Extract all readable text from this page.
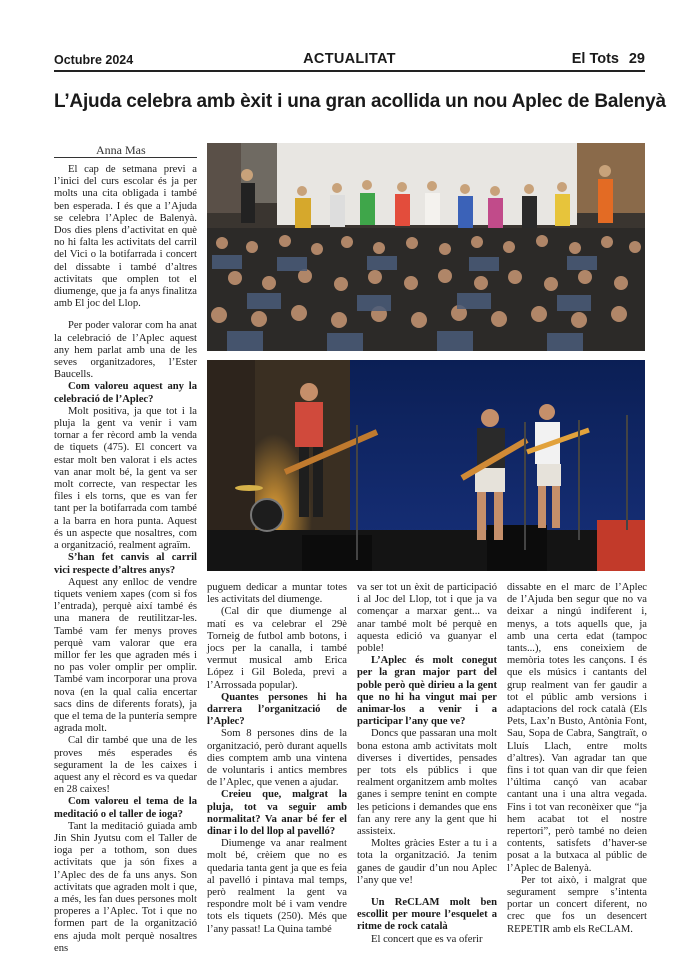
Octubre 2024	ACTUALITAT	El Tots 29
L’Ajuda celebra amb èxit i una gran acollida un nou Aplec de Balenyà
Anna Mas

El cap de setmana previ a l’inici del curs escolar és ja per molts una cita obligada i també ben esperada. I és que a l’Ajuda se celebra l’Aplec de Balenyà. Dos dies plens d’activitat en què no hi falta les activitats del carril del Vici o la botifarrada i concert del dissabte i també d’altres activitats que omplen tot el diumenge, que ja fa anys finalitza amb El joc del Llop.

Per poder valorar com ha anat la celebració de l’Aplec aquest any hem parlat amb una de les seves organitzadores, l’Ester Baucells.

Com valoreu aquest any la celebració de l’Aplec?

Molt positiva, ja que tot i la pluja la gent va venir i vam tornar a fer rècord amb la venda de tiquets (475). El concert va estar molt ben valorat i els actes van anar molt bé, la gent va ser molt correcte, van respectar les files i els torns, que es van fer tant per la botifarrada com també a la barra en hora punta. Aquest és un aspecte que nosaltres, com a organització, realment agraïm.

S’han fet canvis al carril vici respecte d’altres anys?

Aquest any enlloc de vendre tiquets veniem xapes (com si fos l’entrada), perquè així també és una manera de reutilitzar-les. També vam fer menys proves perquè vam valorar que era millor fer les que agraden més i no pas voler omplir per omplir. També vam incorporar una prova nova (en la qual calia encertar sacs dins de diferents forats), ja que el tema de la puntería sempre agrada molt.

Cal dir també que una de les proves més esperades és segurament la de les caixes i aquest any el rècord es va quedar en 28 caixes!

Com valoreu el tema de la meditació o el taller de ioga?

Tant la meditació guiada amb Jin Shin Jyutsu com el Taller de ioga per a tothom, son dues activitats que ja són fixes a l’Aplec des de fa uns anys. Son activitats que agraden molt i que, a més, les fan dues persones molt properes a l’Aplec. Tot i que no formen part de la organització ens ajuda molt perquè nosaltres ens

puguem dedicar a muntar totes les activitats del diumenge.

(Cal dir que diumenge al matí es va celebrar el 29è Torneig de futbol amb botons, i jocs per la canalla, i també vermut musical amb Erica López i Gil Boleda, previ a l’Arrossada popular).

Quantes persones hi ha darrera l’organització de l’Aplec?

Som 8 persones dins de la organització, però durant aquells dies comptem amb una vintena de voluntaris i antics membres de l’Aplec, que venen a ajudar.

Creieu que, malgrat la pluja, tot va seguir amb normalitat? Va anar bé fer el dinar i lo del llop al pavelló?

Diumenge va anar realment molt bé, crèiem que no es quedaria tanta gent ja que es feia al pavelló i pintava mal temps, però realment la gent va respondre molt bé i vam vendre tots els tiquets (250). Més que l’any passat! La Quina també

va ser tot un èxit de participació i al Joc del Llop, tot i que ja va començar a marxar gent... va anar també molt bé perquè en aquesta edició va guanyar el poble!

L’Aplec és molt conegut per la gran major part del poble però què dirieu a la gent que no hi ha vingut mai per animar-los a venir i a participar l’any que ve?

Doncs que passaran una molt bona estona amb activitats molt diverses i divertides, pensades per tots els públics i que realment organitzem amb moltes ganes i sempre tenint en compte les peticions i demandes que ens fan any rere any la gent que hi assisteix.

Moltes gràcies Ester a tu i a tota la organització. Ja tenim ganes de gaudir d’un nou Aplec l’any que ve!

Un ReCLAM molt ben escollit per moure l’esquelet a ritme de rock català

El concert que es va oferir

dissabte en el marc de l’Aplec de l’Ajuda ben segur que no va deixar a ningú indiferent i, menys, a tots aquells que, ja amb una certa edat (tampoc tants...), ens coneixiem de memòria totes les cançons. I és que els músics i cantants del grup realment van fer gaudir a tot el públic amb versions i adaptacions del rock català (Els Pets, Lax’n Busto, Antònia Font, Sau, Sopa de Cabra, Sangtraït, o Lluís Llach, entre molts d’altres). Van agradar tan que fins i tot quan van dir que feien l’última cançó van acabar cantant una i una altra vegada. Fins i tot van reconèixer que “ja hem acabat tot el nostre repertori”, però també no deien contents, satisfets d’haver-se posat a la butxaca al públic de l’Aplec de Balenyà.

Per tot això, i malgrat que segurament sempre s’intenta portar un concert diferent, no crec que fos un desencert REPETIR amb els ReCLAM.
